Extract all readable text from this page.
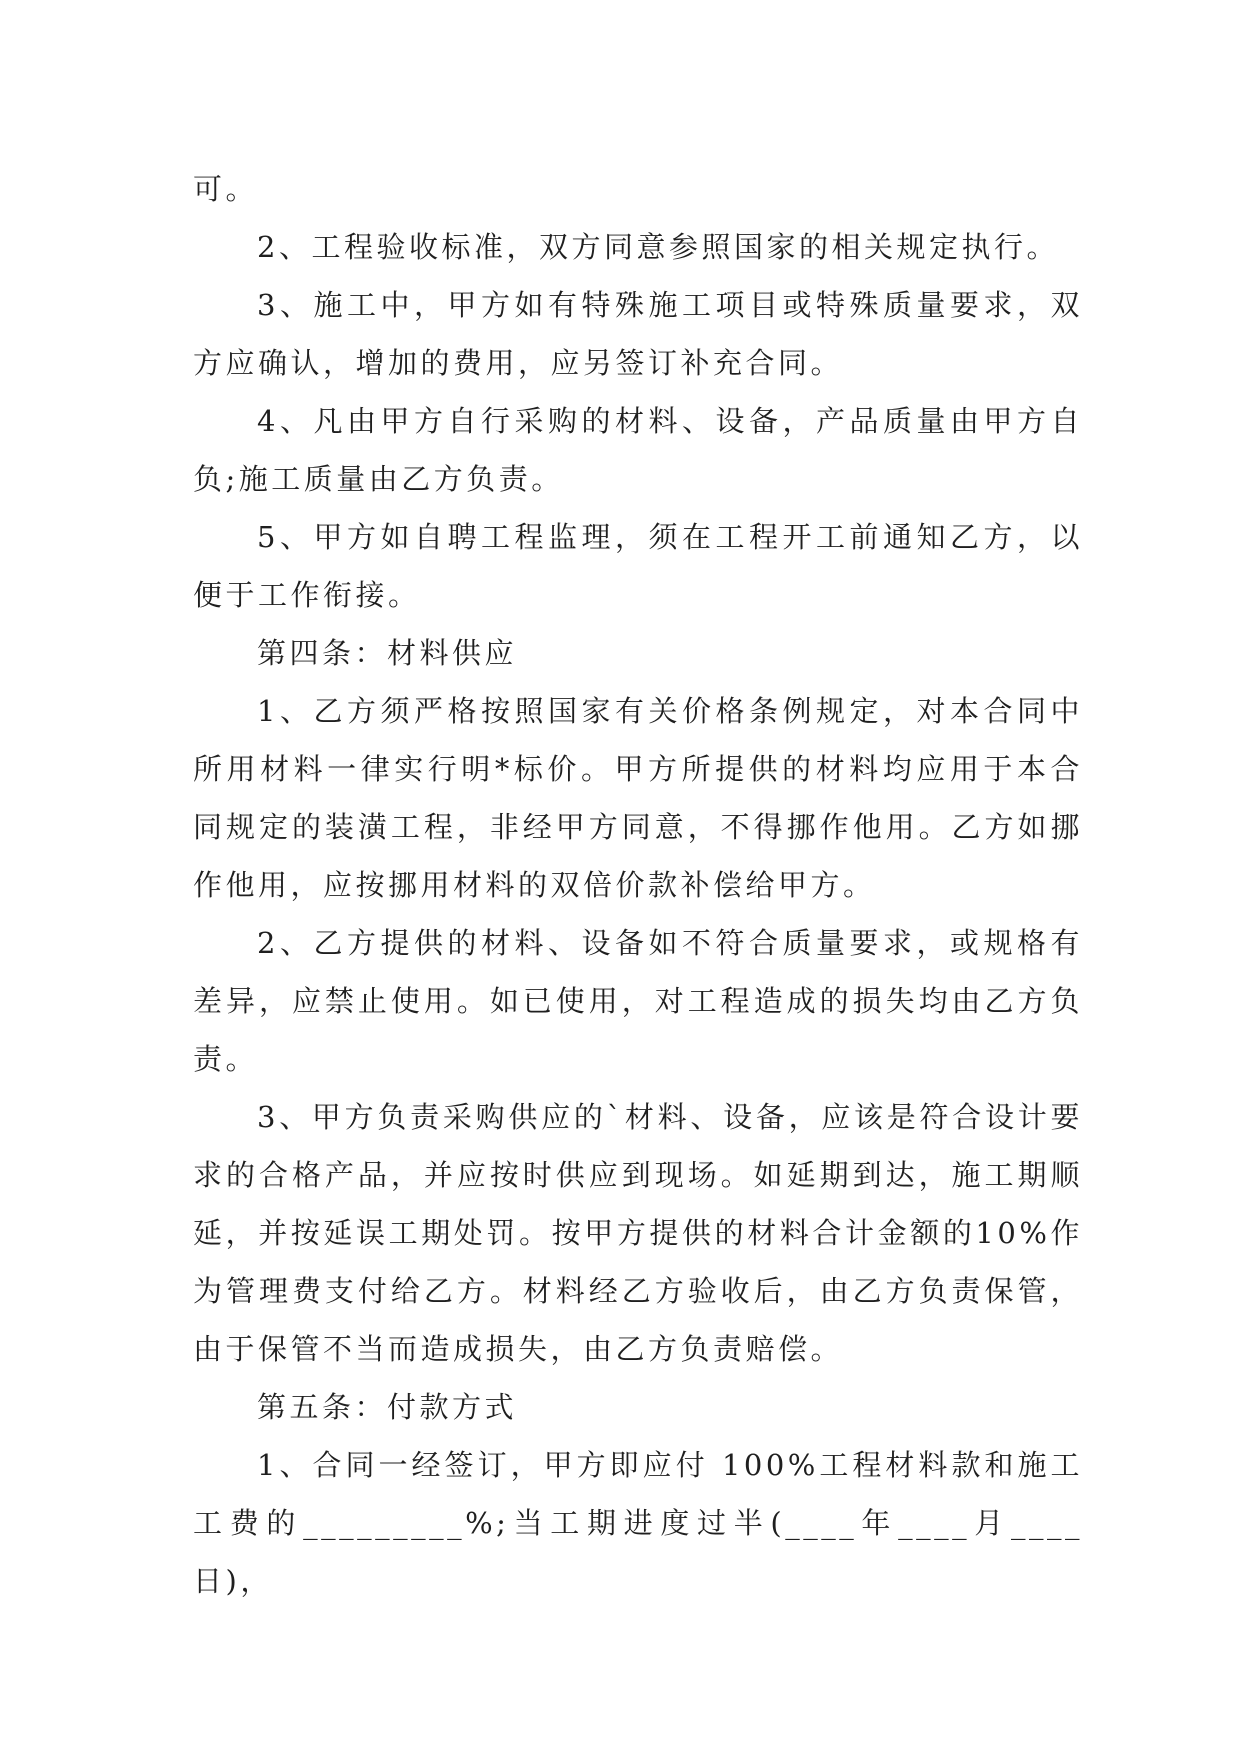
可。

2、工程验收标准，双方同意参照国家的相关规定执行。

3、施工中，甲方如有特殊施工项目或特殊质量要求，双方应确认，增加的费用，应另签订补充合同。

4、凡由甲方自行采购的材料、设备，产品质量由甲方自负;施工质量由乙方负责。

5、甲方如自聘工程监理，须在工程开工前通知乙方，以便于工作衔接。

第四条：材料供应

1、乙方须严格按照国家有关价格条例规定，对本合同中所用材料一律实行明*标价。甲方所提供的材料均应用于本合同规定的装潢工程，非经甲方同意，不得挪作他用。乙方如挪作他用，应按挪用材料的双倍价款补偿给甲方。

2、乙方提供的材料、设备如不符合质量要求，或规格有差异，应禁止使用。如已使用，对工程造成的损失均由乙方负责。

3、甲方负责采购供应的`材料、设备，应该是符合设计要求的合格产品，并应按时供应到现场。如延期到达，施工期顺延，并按延误工期处罚。按甲方提供的材料合计金额的10%作为管理费支付给乙方。材料经乙方验收后，由乙方负责保管，由于保管不当而造成损失，由乙方负责赔偿。

第五条：付款方式

1、合同一经签订，甲方即应付 100%工程材料款和施工工费的_________%;当工期进度过半(____年____月____日)，
